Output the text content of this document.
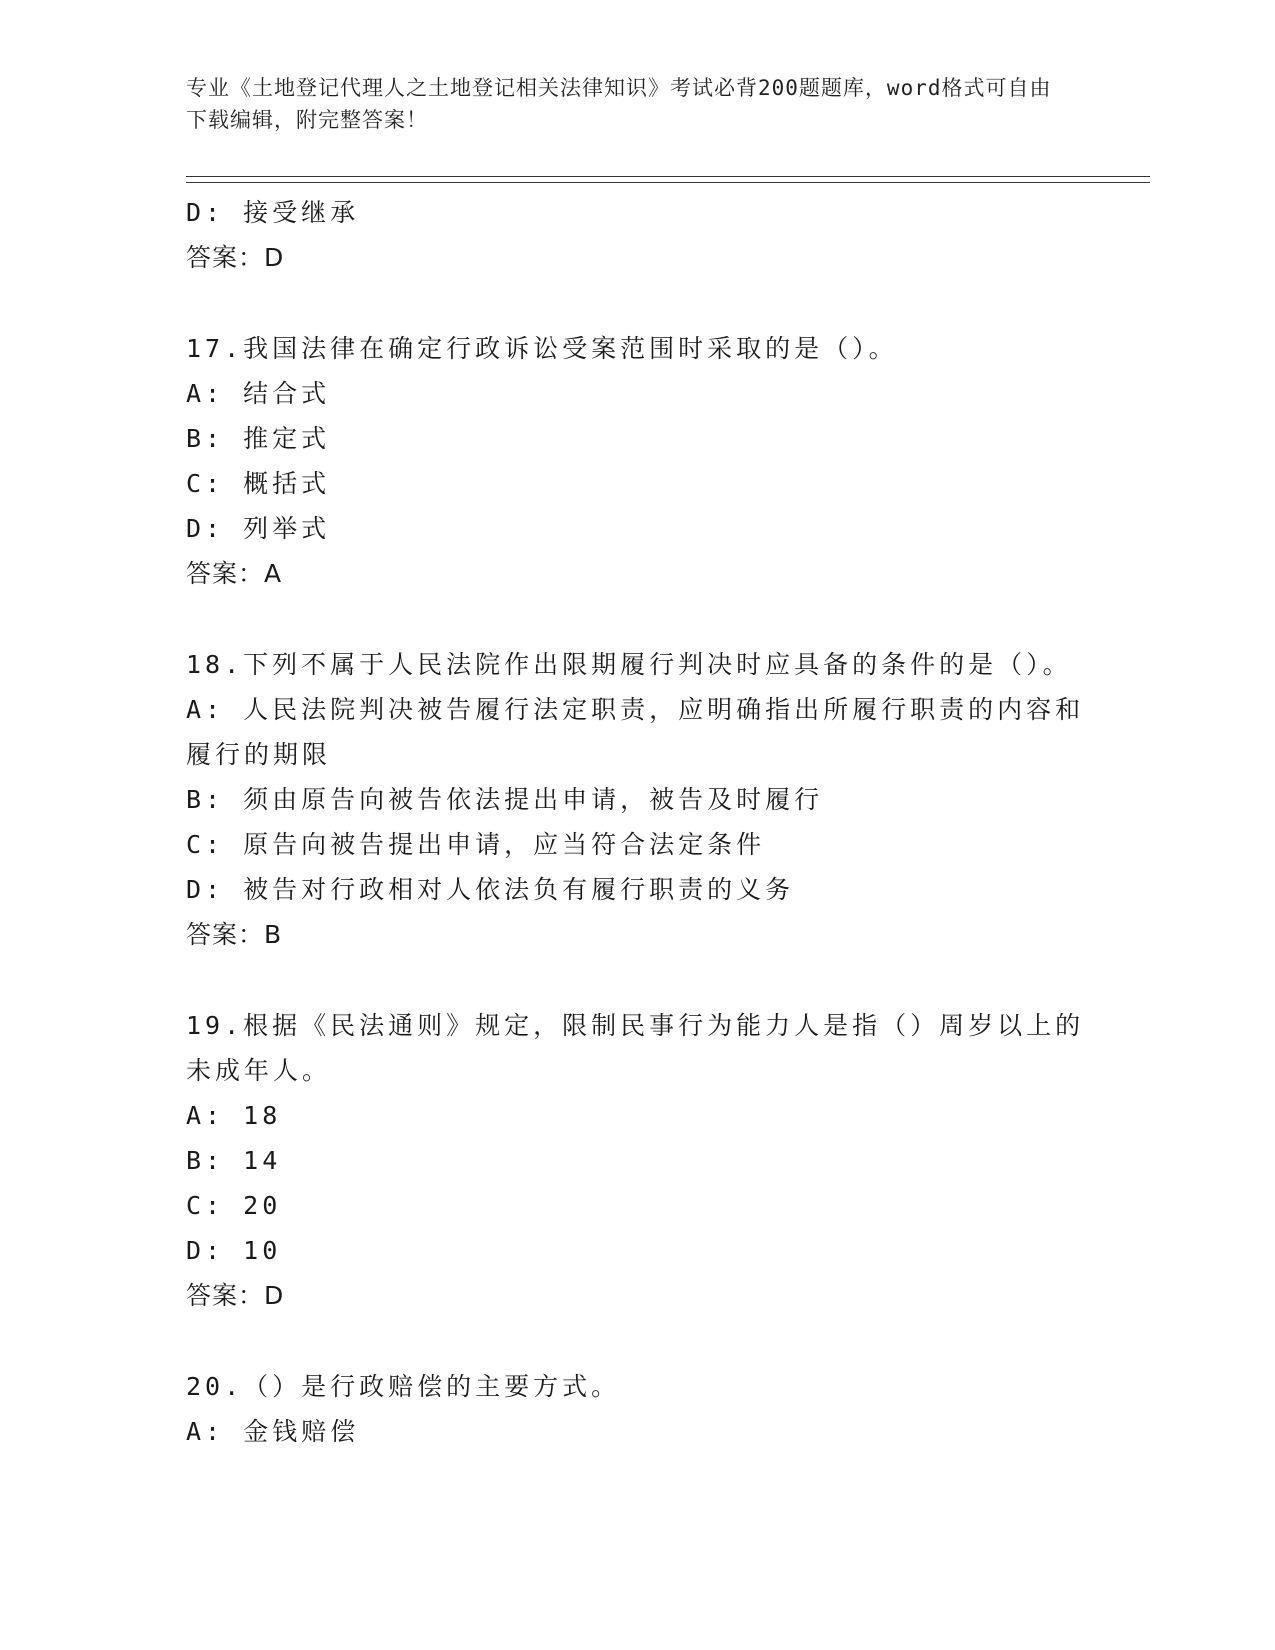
专业《土地登记代理人之土地登记相关法律知识》考试必背200题题库，word格式可自由下载编辑，附完整答案！
D: 接受继承
答案：D
17.我国法律在确定行政诉讼受案范围时采取的是（）。
A: 结合式
B: 推定式
C: 概括式
D: 列举式
答案：A
18.下列不属于人民法院作出限期履行判决时应具备的条件的是（）。
A: 人民法院判决被告履行法定职责，应明确指出所履行职责的内容和履行的期限
B: 须由原告向被告依法提出申请，被告及时履行
C: 原告向被告提出申请，应当符合法定条件
D: 被告对行政相对人依法负有履行职责的义务
答案：B
19.根据《民法通则》规定，限制民事行为能力人是指（）周岁以上的未成年人。
A: 18
B: 14
C: 20
D: 10
答案：D
20.（）是行政赔偿的主要方式。
A: 金钱赔偿
